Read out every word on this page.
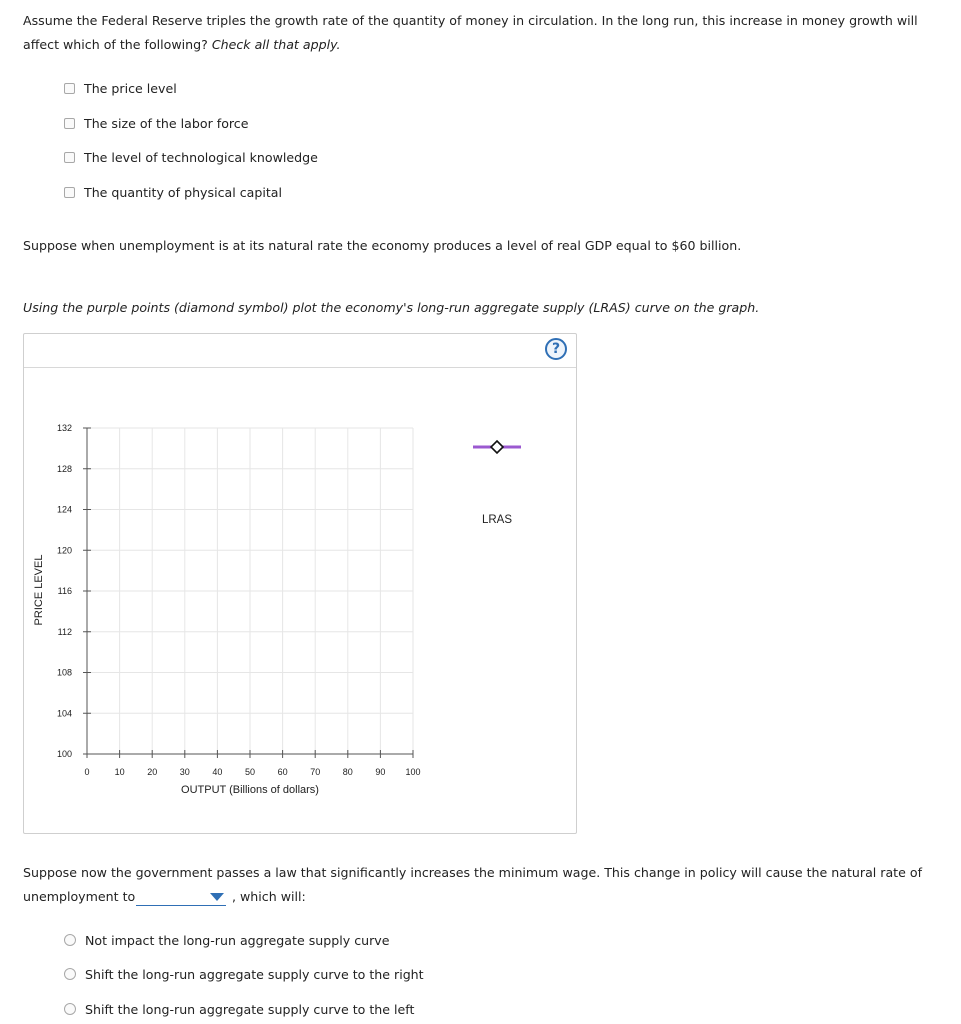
Assume the Federal Reserve triples the growth rate of the quantity of money in circulation. In the long run, this increase in money growth will affect which of the following? Check all that apply.

The price level
The size of the labor force
The level of technological knowledge
The quantity of physical capital

Suppose when unemployment is at its natural rate the economy produces a level of real GDP equal to $60 billion.

Using the purple points (diamond symbol) plot the economy's long-run aggregate supply (LRAS) curve on the graph.

?
0	10	20	30	40	50	60	70	80	90 100
100
104
108
112
116
120
124
128
132
PRICE LEVEL
OUTPUT (Billions of dollars)
LRAS

Suppose now the government passes a law that significantly increases the minimum wage. This change in policy will cause the natural rate of unemployment to	, which will:

Not impact the long-run aggregate supply curve
Shift the long-run aggregate supply curve to the right
Shift the long-run aggregate supply curve to the left
